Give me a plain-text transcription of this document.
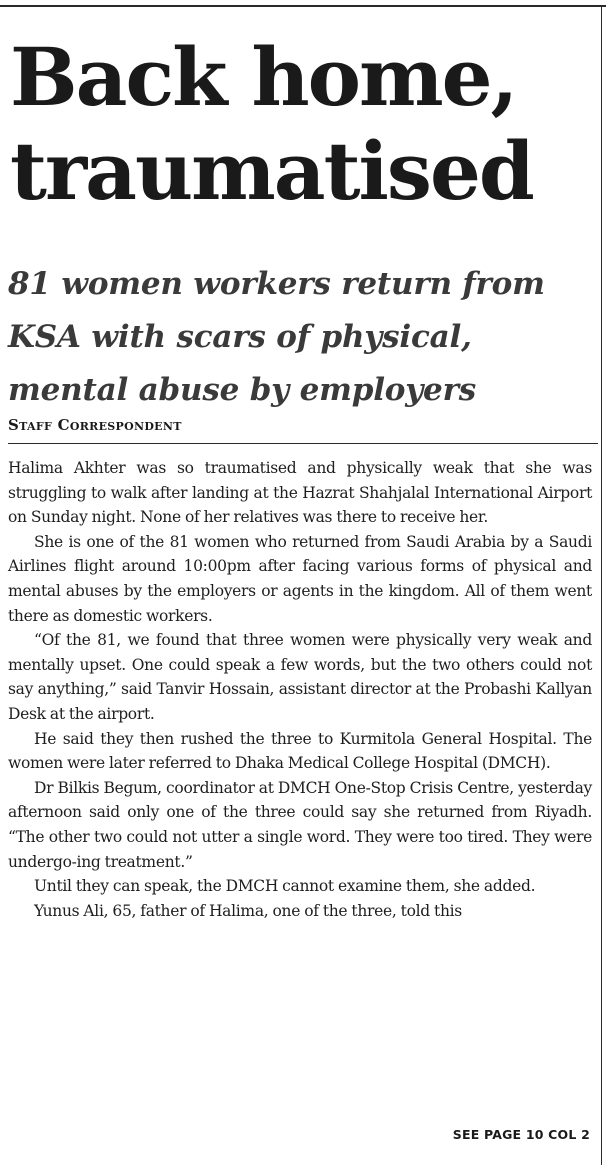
Back home,
traumatised
81 women workers return from
KSA with scars of physical,
mental abuse by employers
Staff Correspondent

Halima Akhter was so traumatised and physically weak that she was struggling to walk after landing at the Hazrat Shahjalal International Airport on Sunday night. None of her relatives was there to receive her.

She is one of the 81 women who returned from Saudi Arabia by a Saudi Airlines flight around 10:00pm after facing various forms of physical and mental abuses by the employers or agents in the kingdom. All of them went there as domestic workers.

“Of the 81, we found that three women were physically very weak and mentally upset. One could speak a few words, but the two others could not say anything,” said Tanvir Hossain, assistant director at the Probashi Kallyan Desk at the airport.

He said they then rushed the three to Kurmitola General Hospital. The women were later referred to Dhaka Medical College Hospital (DMCH).

Dr Bilkis Begum, coordinator at DMCH One-Stop Crisis Centre, yesterday afternoon said only one of the three could say she returned from Riyadh. “The other two could not utter a single word. They were too tired. They were undergo-ing treatment.”

Until they can speak, the DMCH cannot examine them, she added.

Yunus Ali, 65, father of Halima, one of the three, told this

SEE PAGE 10 COL 2
